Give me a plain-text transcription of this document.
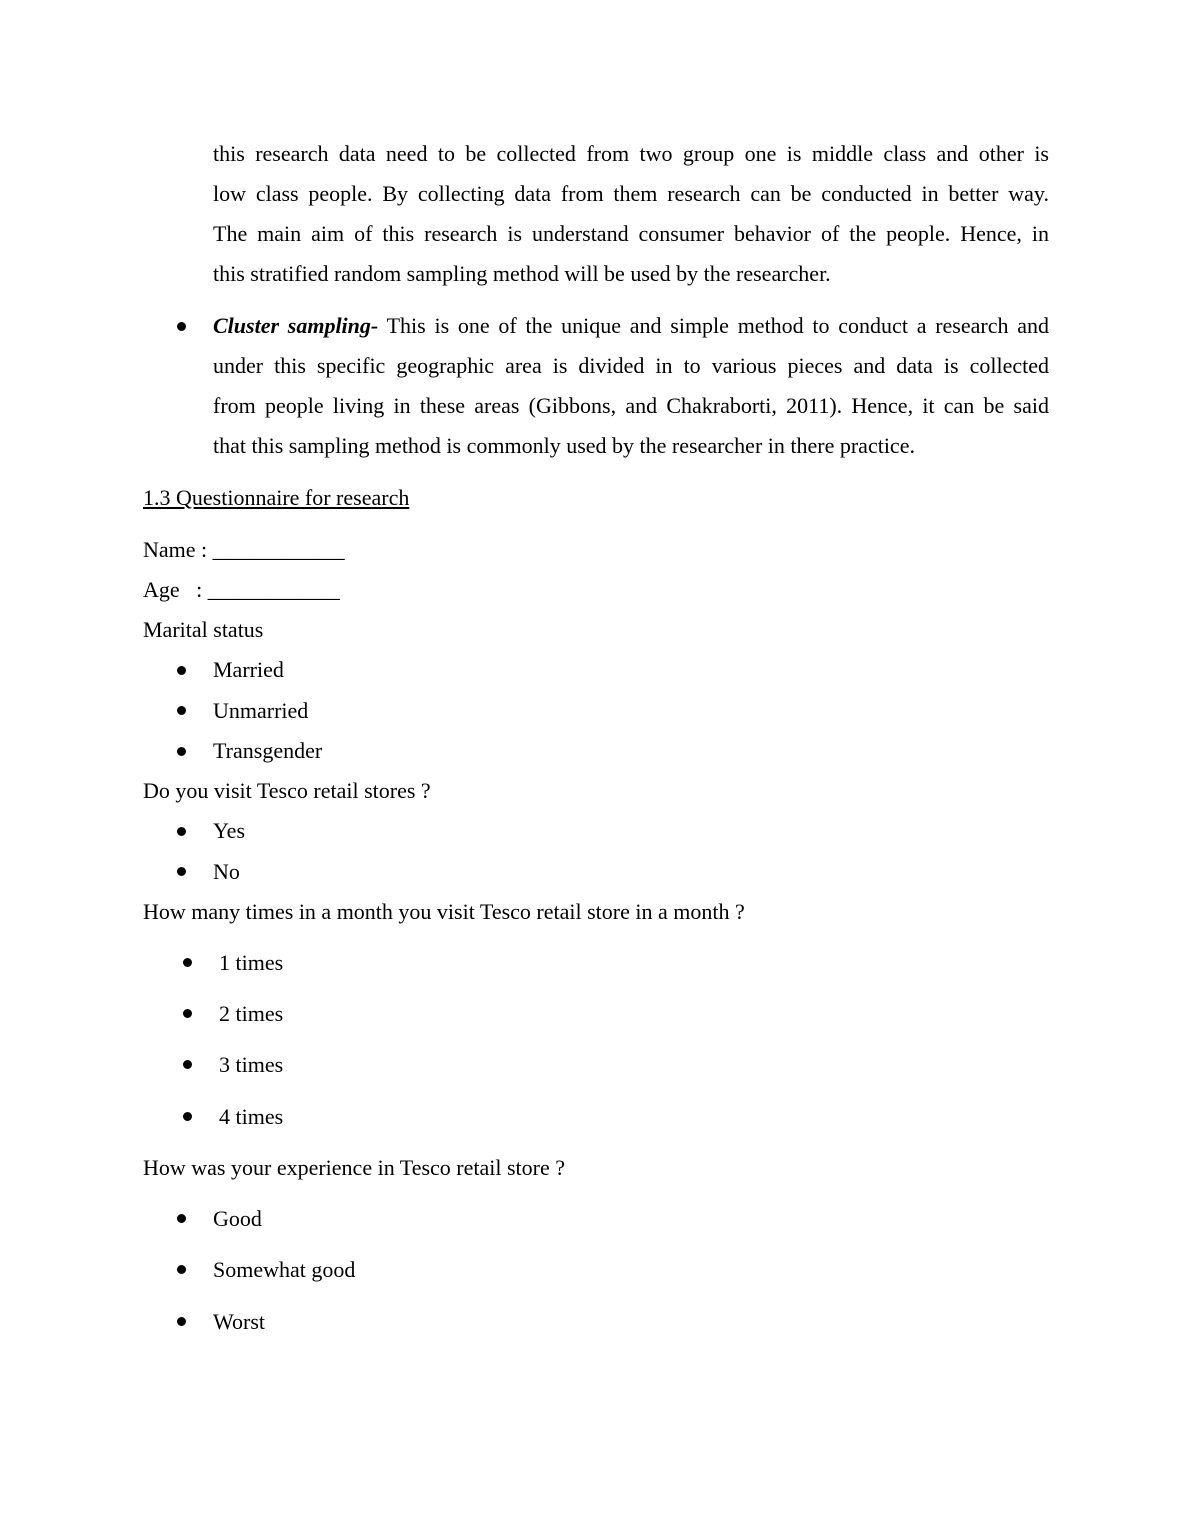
this research data need to be collected from two group one is middle class and other is
low class people. By collecting data from them research can be conducted in better way.
The main aim of this research is understand consumer behavior of the people. Hence, in
this stratified random sampling method will be used by the researcher.
Cluster sampling- This is one of the unique and simple method to conduct a research and
under this specific geographic area is divided in to various pieces and data is collected
from people living in these areas (Gibbons, and Chakraborti, 2011). Hence, it can be said
that this sampling method is commonly used by the researcher in there practice.
1.3 Questionnaire for research
Name : ____________
Age   : ____________
Marital status
Married
Unmarried
Transgender
Do you visit Tesco retail stores ?
Yes
No
How many times in a month you visit Tesco retail store in a month ?
1 times
2 times
3 times
4 times
How was your experience in Tesco retail store ?
Good
Somewhat good
Worst
